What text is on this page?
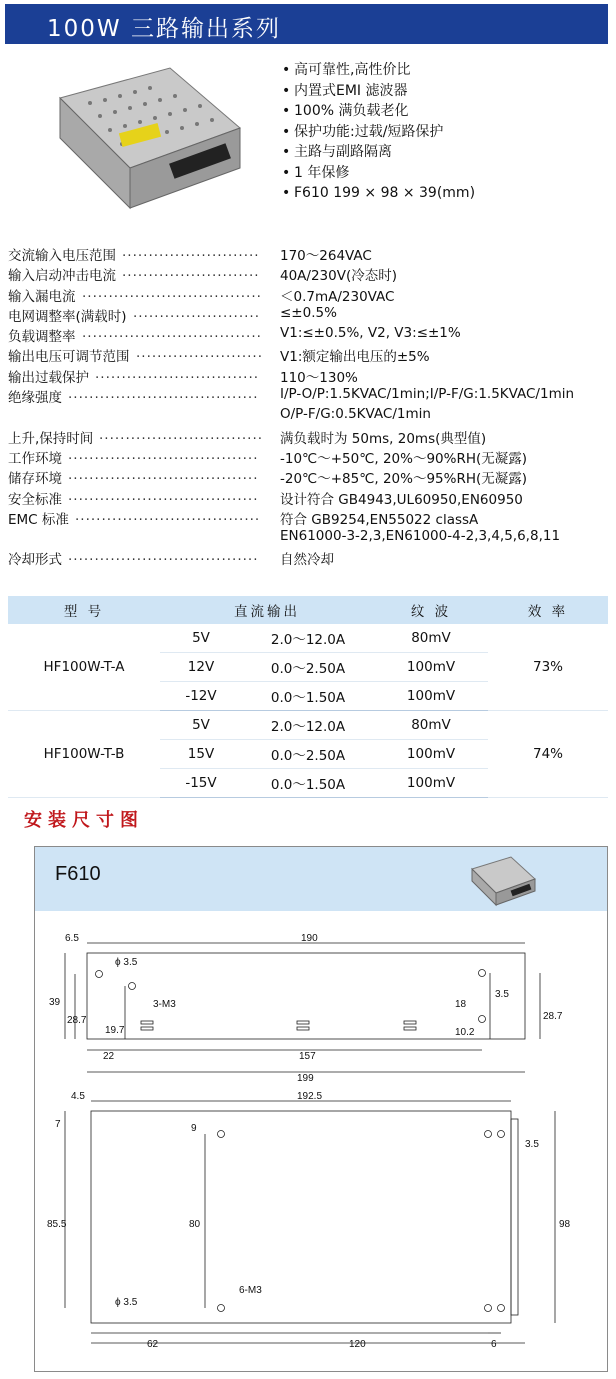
100W 三路输出系列
• 高可靠性,高性价比
• 内置式EMI 滤波器
• 100% 满负载老化
• 保护功能:过载/短路保护
• 主路与副路隔离
• 1 年保修
• F610 199 × 98 × 39(mm)
交流输入电压范围	170～264VAC
..........................
输入启动冲击电流	40A/230V(冷态时)
..........................
输入漏电流	＜0.7mA/230VAC
..................................
电网调整率(满载时)	≤±0.5%
........................
负载调整率	V1:≤±0.5%, V2, V3:≤±1%
..................................
输出电压可调节范围	V1:额定输出电压的±5%
........................
输出过载保护	110～130%
...............................
绝缘强度	I/P-O/P:1.5KVAC/1min;I/P-F/G:1.5KVAC/1min
....................................
O/P-F/G:0.5KVAC/1min
上升,保持时间	满负载时为 50ms, 20ms(典型值)
...............................
工作环境	-10℃～+50℃, 20%～90%RH(无凝露)
....................................
储存环境	-20℃～+85℃, 20%～95%RH(无凝露)
....................................
安全标准	设计符合 GB4943,UL60950,EN60950
....................................
EMC 标准	符合 GB9254,EN55022 classA
...................................
EN61000-3-2,3,EN61000-4-2,3,4,5,6,8,11
冷却形式	自然冷却
....................................
型 号	直流输出		纹 波	效 率
HF100W-T-A	5V	2.0～12.0A	80mV	73%
	12V	0.0～2.50A	100mV	
	-12V	0.0～1.50A	100mV	
HF100W-T-B	5V	2.0～12.0A	80mV	74%
	15V	0.0～2.50A	100mV	
	-15V	0.0～1.50A	100mV	
安装尺寸图
F610
6.5	190
ϕ 3.5
39
28.7
19.7
3-M3
22	157
199
18
10.2
3.5
28.7
4.5	192.5
7	9
3.5
85.5	80	98
ϕ 3.5
6-M3
62	120	6
